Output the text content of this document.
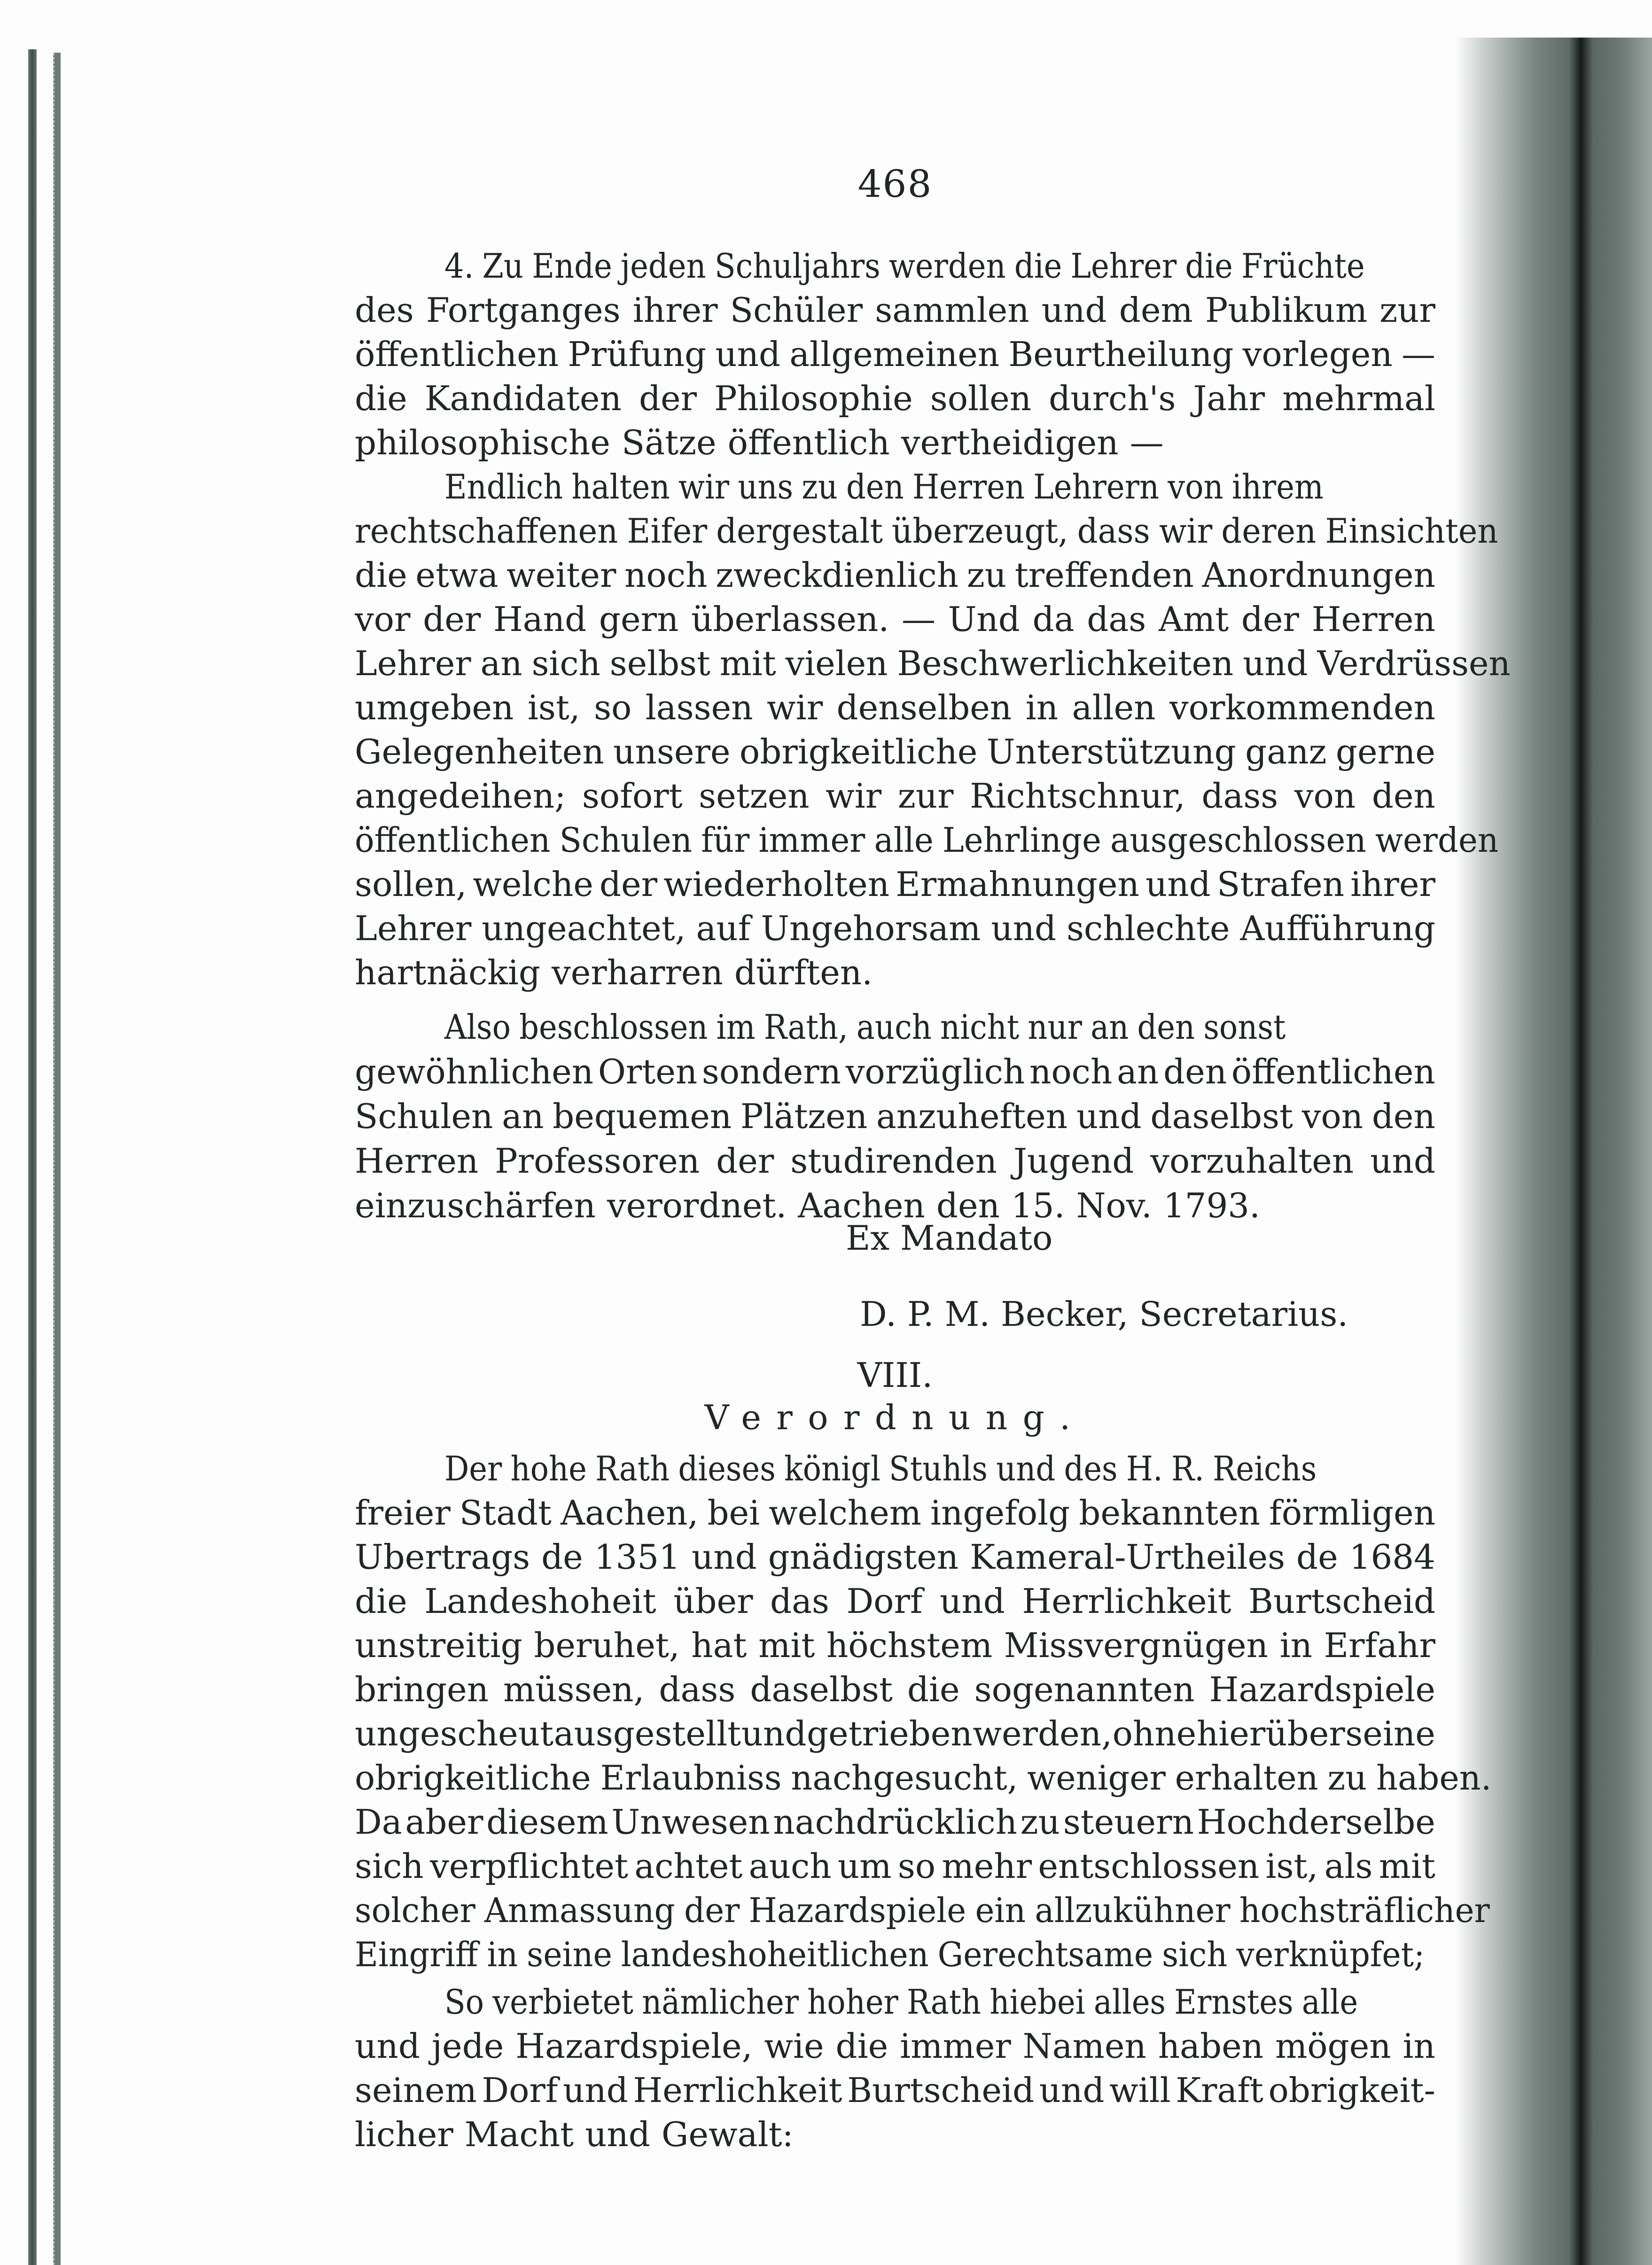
468
4. Zu Ende jeden Schuljahrs werden die Lehrer die Früchte
des Fortganges ihrer Schüler sammlen und dem Publikum zur
öffentlichen Prüfung und allgemeinen Beurtheilung vorlegen —
die Kandidaten der Philosophie sollen durch's Jahr mehrmal
philosophische Sätze öffentlich vertheidigen —
Endlich halten wir uns zu den Herren Lehrern von ihrem
rechtschaffenen Eifer dergestalt überzeugt, dass wir deren Einsichten
die etwa weiter noch zweckdienlich zu treffenden Anordnungen
vor der Hand gern überlassen. — Und da das Amt der Herren
Lehrer an sich selbst mit vielen Beschwerlichkeiten und Verdrüssen
umgeben ist, so lassen wir denselben in allen vorkommenden
Gelegenheiten unsere obrigkeitliche Unterstützung ganz gerne
angedeihen; sofort setzen wir zur Richtschnur, dass von den
öffentlichen Schulen für immer alle Lehrlinge ausgeschlossen werden
sollen, welche der wiederholten Ermahnungen und Strafen ihrer
Lehrer ungeachtet, auf Ungehorsam und schlechte Aufführung
hartnäckig verharren dürften.
Also beschlossen im Rath, auch nicht nur an den sonst
gewöhnlichen Orten sondern vorzüglich noch an den öffentlichen
Schulen an bequemen Plätzen anzuheften und daselbst von den
Herren Professoren der studirenden Jugend vorzuhalten und
einzuschärfen verordnet. Aachen den 15. Nov. 1793.
Der hohe Rath dieses königl Stuhls und des H. R. Reichs
freier Stadt Aachen, bei welchem ingefolg bekannten förmligen
Ubertrags de 1351 und gnädigsten Kameral-Urtheiles de 1684
die Landeshoheit über das Dorf und Herrlichkeit Burtscheid
unstreitig beruhet, hat mit höchstem Missvergnügen in Erfahr
bringen müssen, dass daselbst die sogenannten Hazardspiele
ungescheut ausgestellt und getrieben werden, ohne hierüber seine
obrigkeitliche Erlaubniss nachgesucht, weniger erhalten zu haben.
Da aber diesem Unwesen nachdrücklich zu steuern Hochderselbe
sich verpflichtet achtet auch um so mehr entschlossen ist, als mit
solcher Anmassung der Hazardspiele ein allzukühner hochsträflicher
Eingriff in seine landeshoheitlichen Gerechtsame sich verknüpfet;
So verbietet nämlicher hoher Rath hiebei alles Ernstes alle
und jede Hazardspiele, wie die immer Namen haben mögen in
seinem Dorf und Herrlichkeit Burtscheid und will Kraft obrigkeit-
licher Macht und Gewalt:
Ex Mandato
D. P. M. Becker, Secretarius.
VIII.
Verordnung.
